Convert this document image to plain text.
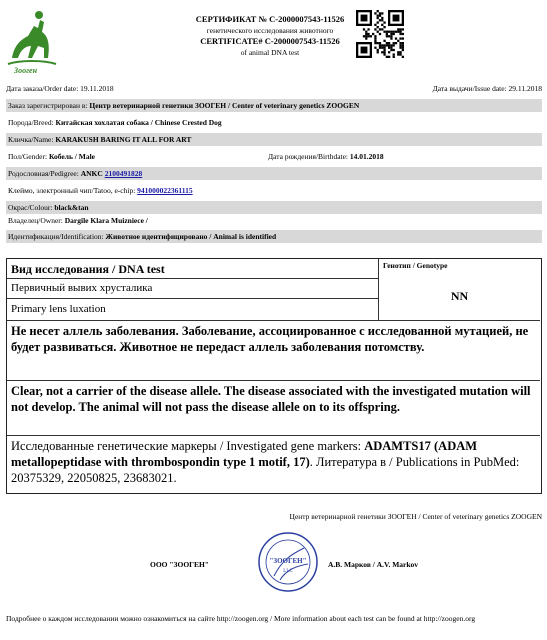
Зооген
СЕРТИФИКАТ № C-2000007543-11526
генетического исследования животного
CERTIFICATE# C-2000007543-11526
of animal DNA test
Дата заказа/Order date: 19.11.2018	Дата выдачи/Issue date: 29.11.2018
Заказ зарегистрирован в: Центр ветеринарной генетики ЗООГЕН / Center of veterinary genetics ZOOGEN
Порода/Breed: Китайская хохлатая собака / Chinese Crested Dog
Кличка/Name: KARAKUSH BARING IT ALL FOR ART
Пол/Gender: Кобель / Male	Дата рождения/Birthdate: 14.01.2018
Родословная/Pedigree: ANKC 2100491828
Клеймо, электронный чип/Tatoo, e-chip: 941000022361115
Окрас/Colour: black&tan
Владелец/Owner: Dargile Klara Muizniece /
Идентификация/Identification: Животное идентифицировано / Animal is identified
Вид исследования / DNA test	Генотип / Genotype
Первичный вывих хрусталика
Primary lens luxation
NN
Не несет аллель заболевания. Заболевание, ассоциированное с исследованной мутацией, не будет развиваться. Животное не передаст аллель заболевания потомству.
Clear, not a carrier of the disease allele. The disease associated with the investigated mutation will not develop. The animal will not pass the disease allele on to its offspring.
Исследованные генетические маркеры / Investigated gene markers: ADAMTS17 (ADAM metallopeptidase with thrombospondin type 1 motif, 17). Литература в / Publications in PubMed: 20375329, 22050825, 23683021.
Центр ветеринарной генетики ЗООГЕН / Center of veterinary genetics ZOOGEN
ООО "ЗООГЕН"	"ЗООГЕН"
LLC
А.В. Марков / A.V. Markov
Подробнее о каждом исследовании можно ознакомиться на сайте http://zoogen.org / More information about each test can be found at http://zoogen.org
